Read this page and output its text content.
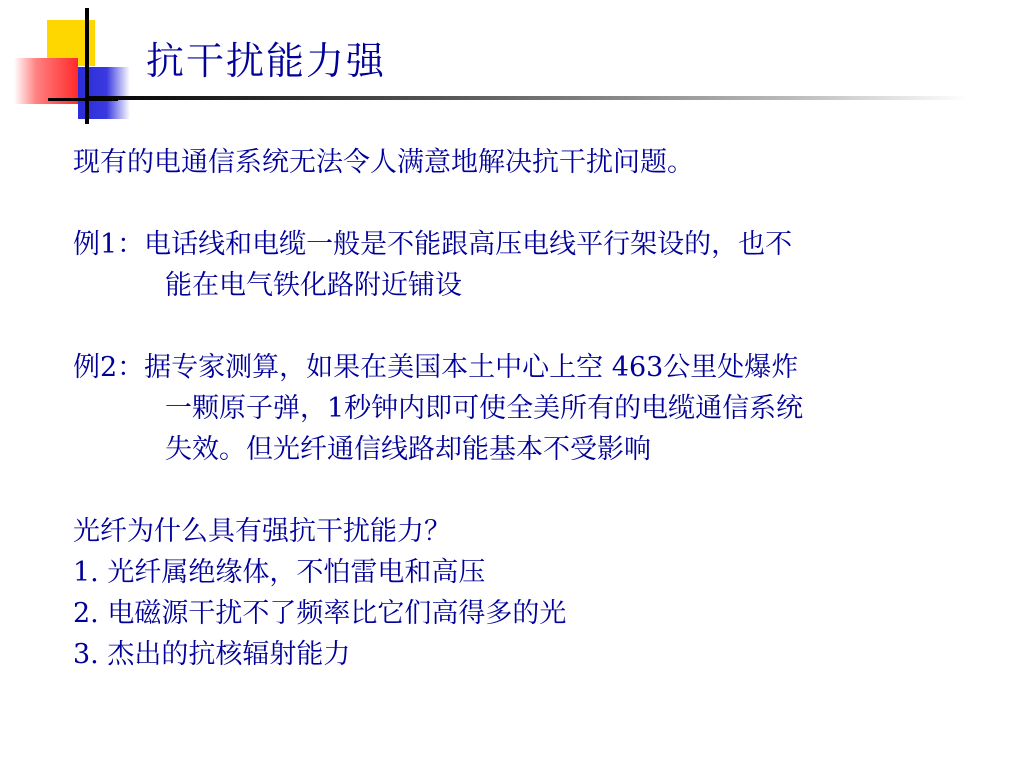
抗干扰能力强
现有的电通信系统无法令人满意地解决抗干扰问题。
例1：电话线和电缆一般是不能跟高压电线平行架设的，也不
能在电气铁化路附近铺设
例2：据专家测算，如果在美国本土中心上空 463公里处爆炸
一颗原子弹，1秒钟内即可使全美所有的电缆通信系统
失效。但光纤通信线路却能基本不受影响
光纤为什么具有强抗干扰能力？
1. 光纤属绝缘体，不怕雷电和高压
2. 电磁源干扰不了频率比它们高得多的光
3. 杰出的抗核辐射能力
